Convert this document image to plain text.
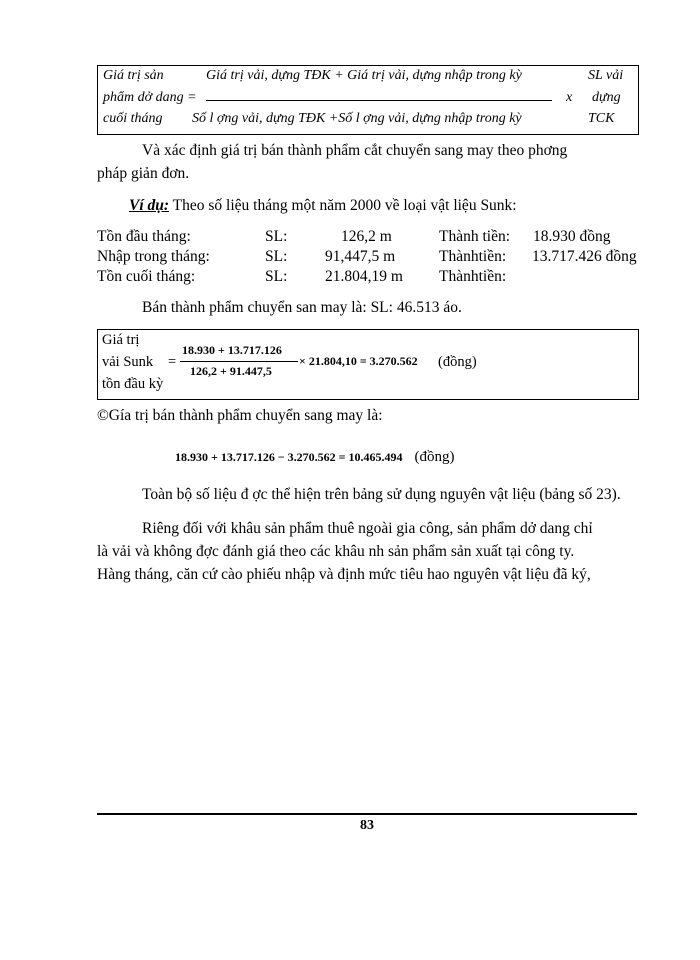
Giá trị sản
phẩm dở dang =
cuối tháng
Giá trị vải, dựng TĐK + Giá trị vải, dựng nhập trong kỳ
Số l ợng vải, dựng TĐK +Số l ợng vải, dựng nhập trong kỳ
x
SL vải
dựng
TCK
Và xác định giá trị bán thành phẩm cắt chuyển sang may theo phơng
pháp giản đơn.
Ví dụ: Theo số liệu tháng một năm 2000 về loại vật liệu Sunk:
Tồn đầu tháng:	SL:	126,2 m	Thành tiền: 18.930 đồng
Nhập trong tháng:	SL: 91,447,5 m	Thànhtiền: 13.717.426 đồng
Tồn cuối tháng:	SL: 21.804,19 m Thànhtiền:
Bán thành phẩm chuyển san may là: SL: 46.513 áo.
Giá trị
vải Sunk
tồn đầu kỳ
=
18.930 + 13.717.126
126,2 + 91.447,5
× 21.804,10 = 3.270.562 (đồng)
©Gía trị bán thành phẩm chuyển sang may là:
18.930 + 13.717.126 − 3.270.562 = 10.465.494 (đồng)
Toàn bộ số liệu đ ợc thể hiện trên bảng sử dụng nguyên vật liệu (bảng số 23).
Riêng đối với khâu sản phẩm thuê ngoài gia công, sản phẩm dở dang chỉ
là vải và không đợc đánh giá theo các khâu nh sản phẩm sản xuất tại công ty.
Hàng tháng, căn cứ cào phiếu nhập và định mức tiêu hao nguyên vật liệu đã ký,
83
